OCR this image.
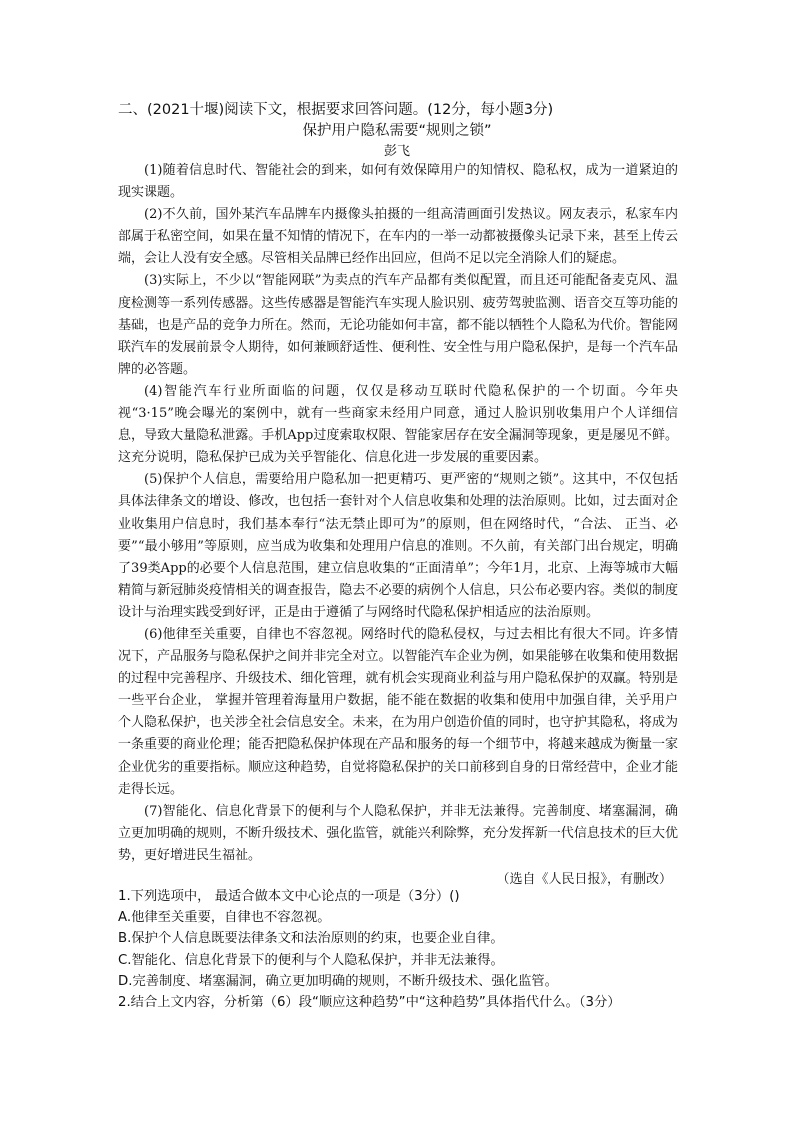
二、(2021十堰)阅读下文，根据要求回答问题。(12分，每小题3分)
保护用户隐私需要“规则之锁”
彭飞

(1)随着信息时代、智能社会的到来，如何有效保障用户的知情权、隐私权，成为一道紧迫的现实课题。

(2)不久前，国外某汽车品牌车内摄像头拍摄的一组高清画面引发热议。网友表示，私家车内部属于私密空间，如果在量不知情的情况下，在车内的一举一动都被摄像头记录下来，甚至上传云端，会让人没有安全感。尽管相关品牌已经作出回应，但尚不足以完全消除人们的疑虑。

(3)实际上，不少以“智能网联”为卖点的汽车产品都有类似配置，而且还可能配备麦克风、温度检测等一系列传感器。这些传感器是智能汽车实现人脸识别、疲劳驾驶监测、语音交互等功能的基础，也是产品的竞争力所在。然而，无论功能如何丰富，都不能以牺牲个人隐私为代价。智能网联汽车的发展前景令人期待，如何兼顾舒适性、便利性、安全性与用户隐私保护，是每一个汽车品牌的必答题。

(4)智能汽车行业所面临的问题，仅仅是移动互联时代隐私保护的一个切面。今年央视“3·15”晚会曝光的案例中，就有一些商家未经用户同意，通过人脸识别收集用户个人详细信息，导致大量隐私泄露。手机App过度索取权限、智能家居存在安全漏洞等现象，更是屡见不鲜。这充分说明，隐私保护已成为关乎智能化、信息化进一步发展的重要因素。

(5)保护个人信息，需要给用户隐私加一把更精巧、更严密的“规则之锁”。这其中，不仅包括具体法律条文的增设、修改，也包括一套针对个人信息收集和处理的法治原则。比如，过去面对企业收集用户信息时，我们基本奉行“法无禁止即可为”的原则，但在网络时代，“合法、 正当、必要”“最小够用”等原则，应当成为收集和处理用户信息的准则。不久前，有关部门出台规定，明确了39类App的必要个人信息范围，建立信息收集的“正面清单”；今年1月，北京、上海等城市大幅精简与新冠肺炎疫情相关的调查报告，隐去不必要的病例个人信息，只公布必要内容。类似的制度设计与治理实践受到好评，正是由于遵循了与网络时代隐私保护相适应的法治原则。

(6)他律至关重要，自律也不容忽视。网络时代的隐私侵权，与过去相比有很大不同。许多情况下，产品服务与隐私保护之间并非完全对立。以智能汽车企业为例，如果能够在收集和使用数据的过程中完善程序、升级技术、细化管理，就有机会实现商业利益与用户隐私保护的双赢。特别是一些平台企业， 掌握并管理着海量用户数据，能不能在数据的收集和使用中加强自律，关乎用户个人隐私保护，也关涉全社会信息安全。未来，在为用户创造价值的同时，也守护其隐私，将成为一条重要的商业伦理；能否把隐私保护体现在产品和服务的每一个细节中，将越来越成为衡量一家企业优劣的重要指标。顺应这种趋势，自觉将隐私保护的关口前移到自身的日常经营中，企业才能走得长远。

(7)智能化、信息化背景下的便利与个人隐私保护，并非无法兼得。完善制度、堵塞漏洞，确立更加明确的规则，不断升级技术、强化监管，就能兴利除弊，充分发挥新一代信息技术的巨大优势，更好增进民生福祉。

（选自《人民日报》，有删改）
1.下列选项中， 最适合做本文中心论点的一项是（3分）()
A.他律至关重要，自律也不容忽视。
B.保护个人信息既要法律条文和法治原则的约束，也要企业自律。
C.智能化、信息化背景下的便利与个人隐私保护，并非无法兼得。
D.完善制度、堵塞漏洞，确立更加明确的规则，不断升级技术、强化监管。
2.结合上文内容，分析第（6）段“顺应这种趋势”中“这种趋势”具体指代什么。（3分）
